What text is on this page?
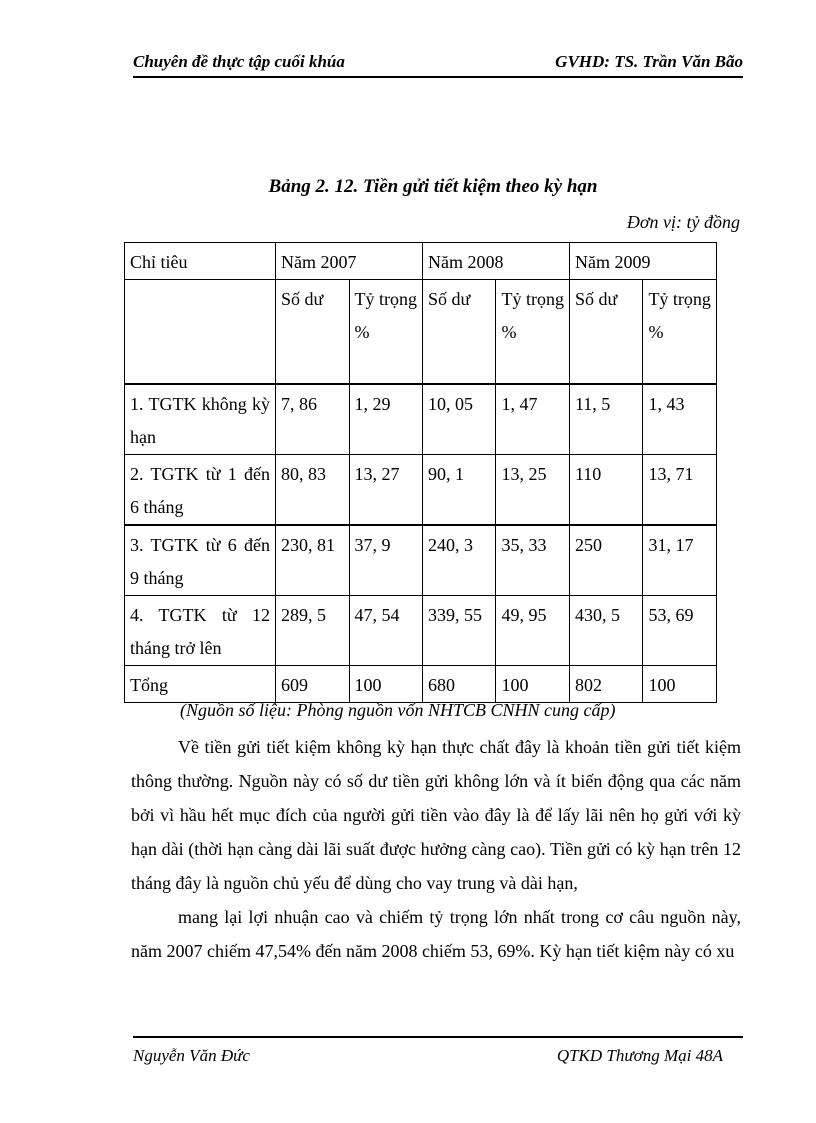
Chuyên đề thực tập cuối khúa	GVHD: TS. Trần Văn Bão
Bảng 2. 12. Tiền gửi tiết kiệm theo kỳ hạn
Đơn vị: tỷ đồng
Chỉ tiêu	Năm 2007		Năm 2008		Năm 2009	
	Số dư	Tỷ trọng %	Số dư	Tỷ trọng %	Số dư	Tỷ trọng %
1. TGTK không kỳ hạn	7, 86	1, 29	10, 05	1, 47	11, 5	1, 43
2. TGTK từ 1 đến 6 tháng	80, 83	13, 27	90, 1	13, 25	110	13, 71
3. TGTK từ 6 đến 9 tháng	230, 81	37, 9	240, 3	35, 33	250	31, 17
4. TGTK từ 12 tháng trở lên	289, 5	47, 54	339, 55	49, 95	430, 5	53, 69
Tổng	609	100	680	100	802	100
(Nguồn số liệu: Phòng nguồn vốn NHTCB CNHN cung cấp)

Về tiền gửi tiết kiệm không kỳ hạn thực chất đây là khoản tiền gửi tiết kiệm thông thường. Nguồn này có số dư tiền gửi không lớn và ít biến động qua các năm bởi vì hầu hết mục đích của người gửi tiền vào đây là để lấy lãi nên họ gửi với kỳ hạn dài (thời hạn càng dài lãi suất được hưởng càng cao). Tiền gửi có kỳ hạn trên 12 tháng đây là nguồn chủ yếu để dùng cho vay trung và dài hạn,

mang lại lợi nhuận cao và chiếm tỷ trọng lớn nhất trong cơ câu nguồn này, năm 2007 chiếm 47,54% đến năm 2008 chiếm 53, 69%. Kỳ hạn tiết kiệm này có xu

Nguyễn Văn Đức	QTKD Thương Mại 48A
